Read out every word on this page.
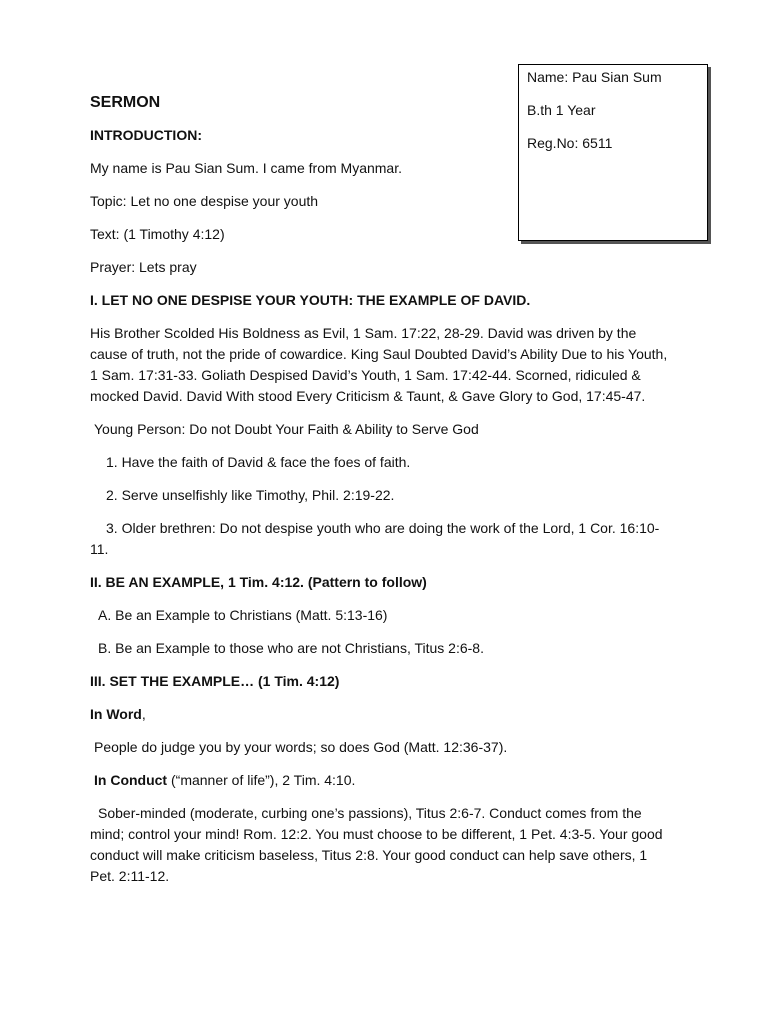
Name: Pau Sian Sum

B.th 1 Year

Reg.No: 6511

SERMON

INTRODUCTION:

My name is Pau Sian Sum. I came from Myanmar.

Topic: Let no one despise your youth

Text: (1 Timothy 4:12)

Prayer: Lets pray

I. LET NO ONE DESPISE YOUR YOUTH: THE EXAMPLE OF DAVID.

His Brother Scolded His Boldness as Evil, 1 Sam. 17:22, 28-29. David was driven by the cause of truth, not the pride of cowardice. King Saul Doubted David’s Ability Due to his Youth, 1 Sam. 17:31-33. Goliath Despised David’s Youth, 1 Sam. 17:42-44. Scorned, ridiculed & mocked David. David With stood Every Criticism & Taunt, & Gave Glory to God, 17:45-47.

Young Person: Do not Doubt Your Faith & Ability to Serve God

1. Have the faith of David & face the foes of faith.

2. Serve unselfishly like Timothy, Phil. 2:19-22.

3. Older brethren: Do not despise youth who are doing the work of the Lord, 1 Cor. 16:10-11.

II. BE AN EXAMPLE, 1 Tim. 4:12. (Pattern to follow)

A. Be an Example to Christians (Matt. 5:13-16)

B. Be an Example to those who are not Christians, Titus 2:6-8.

III. SET THE EXAMPLE… (1 Tim. 4:12)

In Word,

People do judge you by your words; so does God (Matt. 12:36-37).

In Conduct (“manner of life”), 2 Tim. 4:10.

Sober-minded (moderate, curbing one’s passions), Titus 2:6-7. Conduct comes from the mind; control your mind! Rom. 12:2. You must choose to be different, 1 Pet. 4:3-5. Your good conduct will make criticism baseless, Titus 2:8. Your good conduct can help save others, 1 Pet. 2:11-12.
